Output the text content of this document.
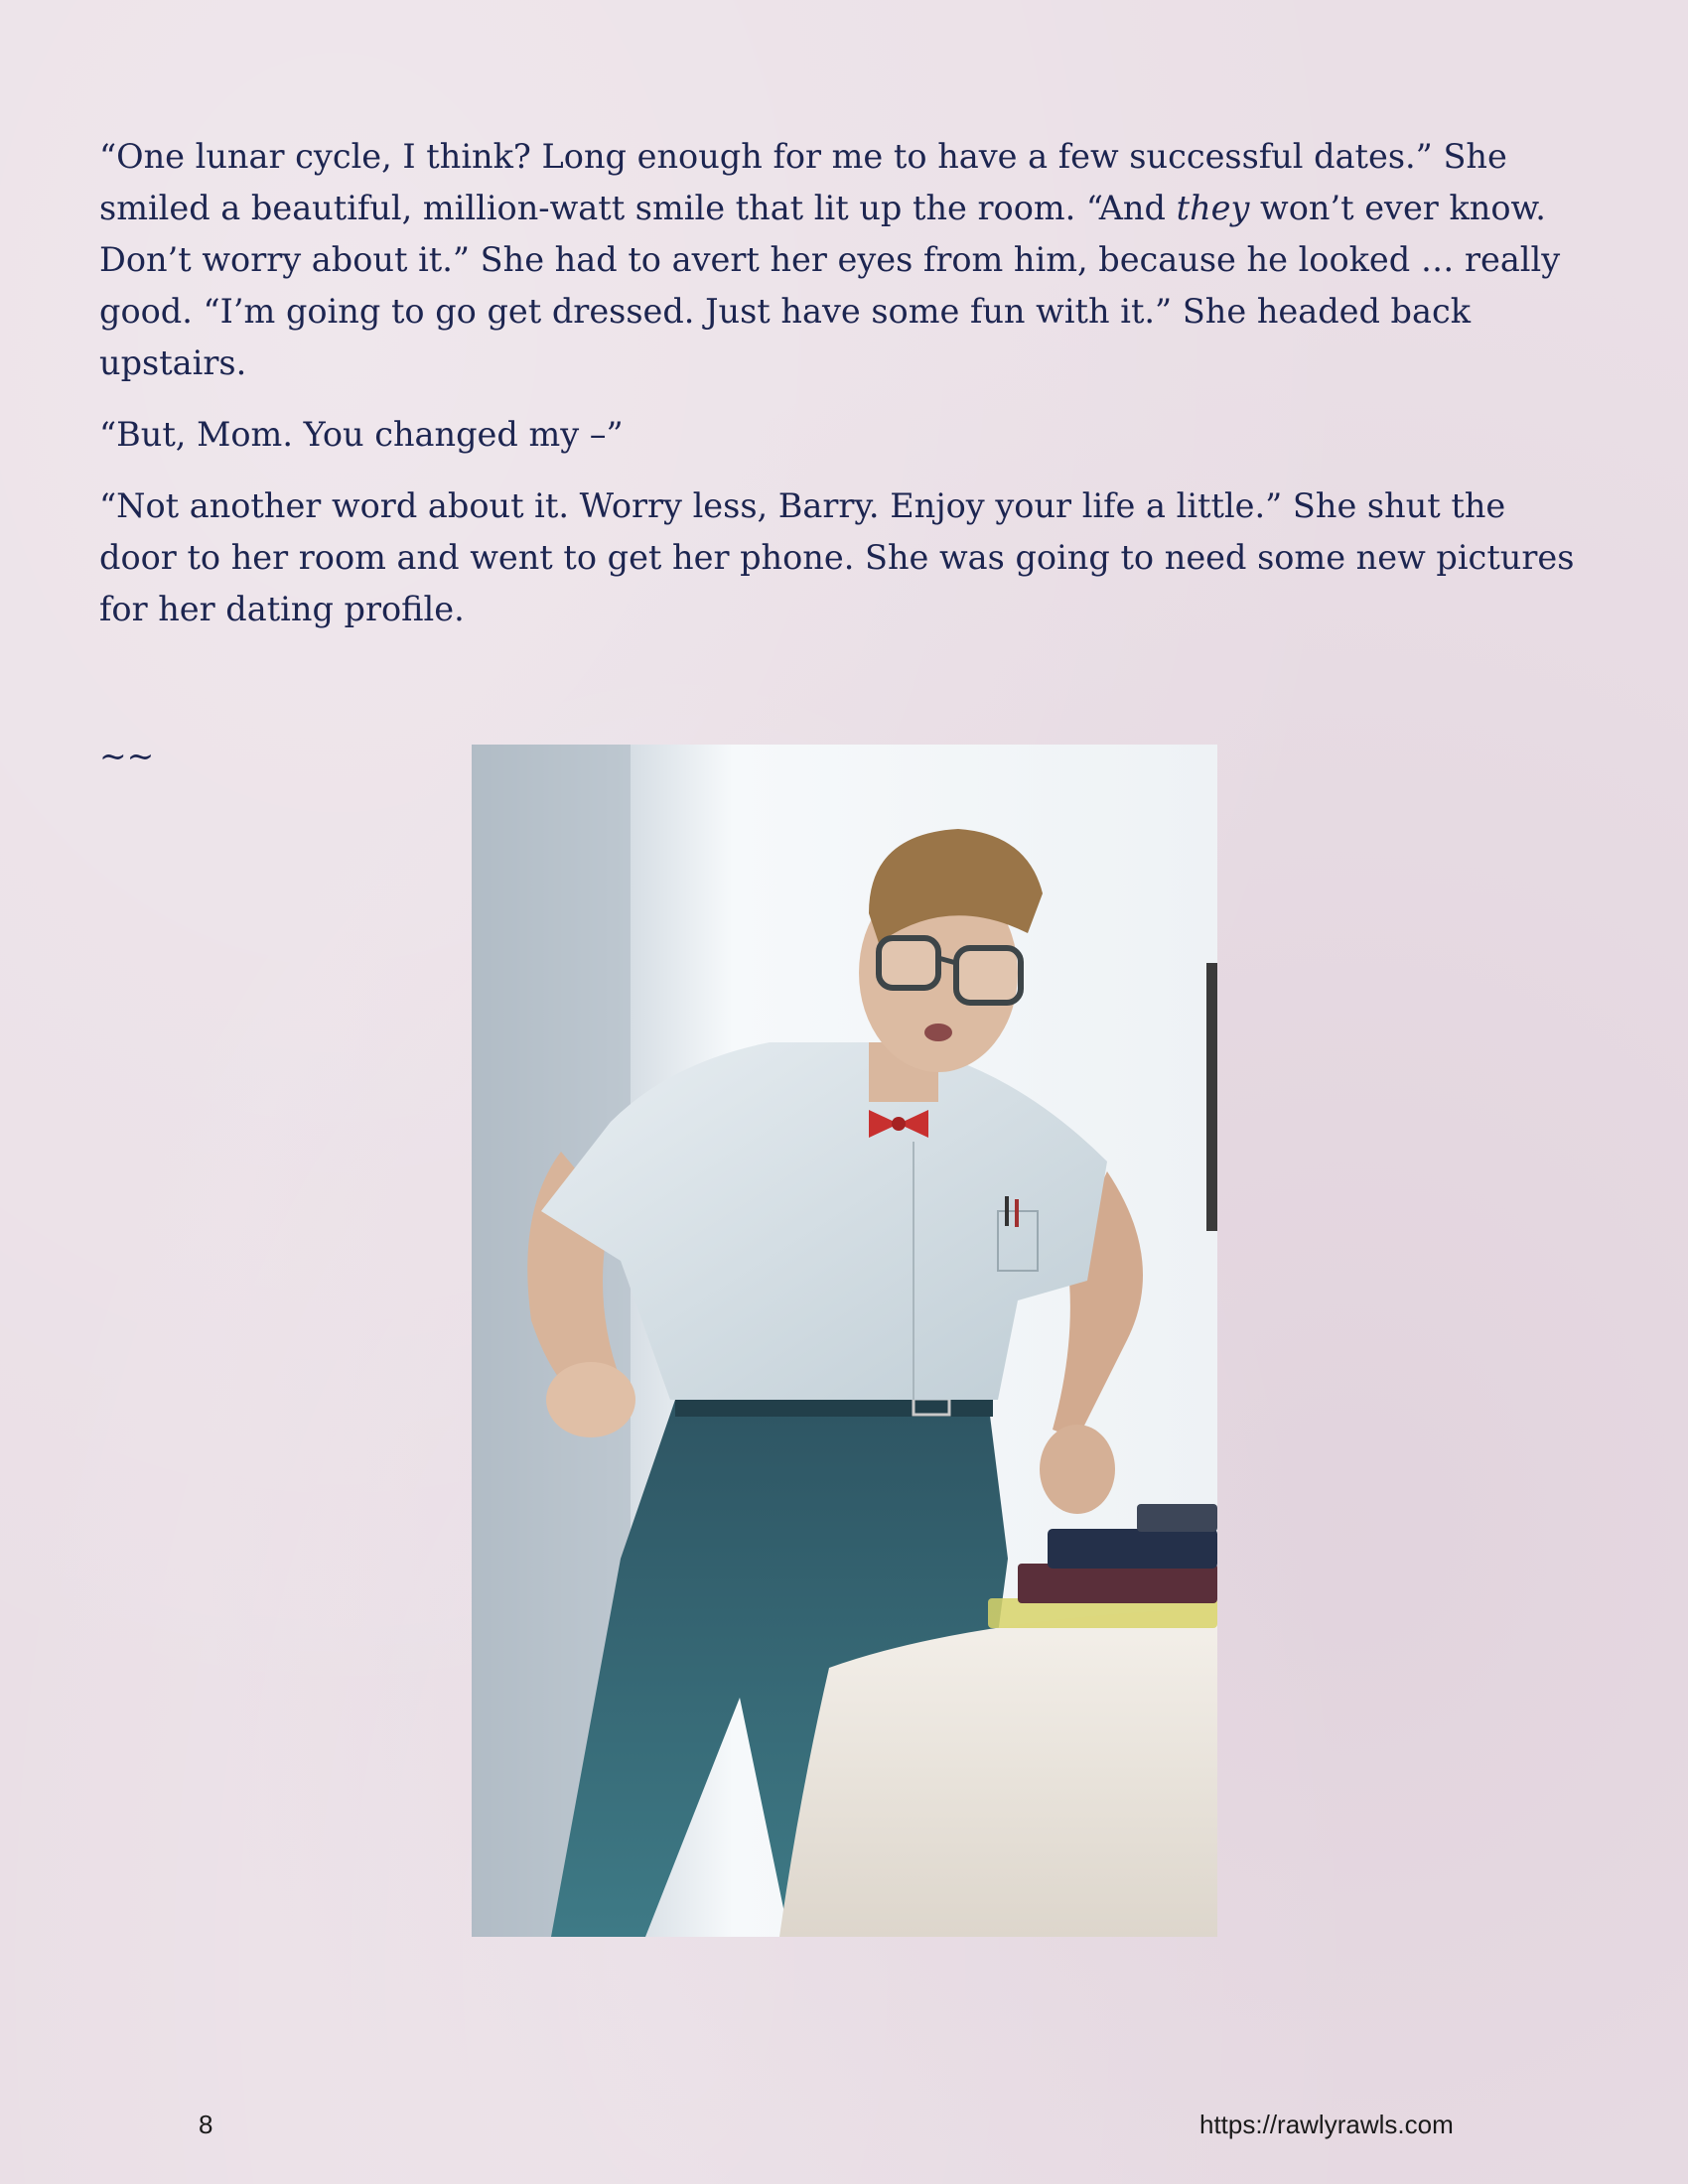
“One lunar cycle, I think? Long enough for me to have a few successful dates.” She smiled a beautiful, million-watt smile that lit up the room. “And they won’t ever know. Don’t worry about it.” She had to avert her eyes from him, because he looked … really good. “I’m going to go get dressed. Just have some fun with it.” She headed back upstairs.

“But, Mom. You changed my –”

“Not another word about it. Worry less, Barry. Enjoy your life a little.” She shut the door to her room and went to get her phone. She was going to need some new pictures for her dating profile.

~~
8	https://rawlyrawls.com
